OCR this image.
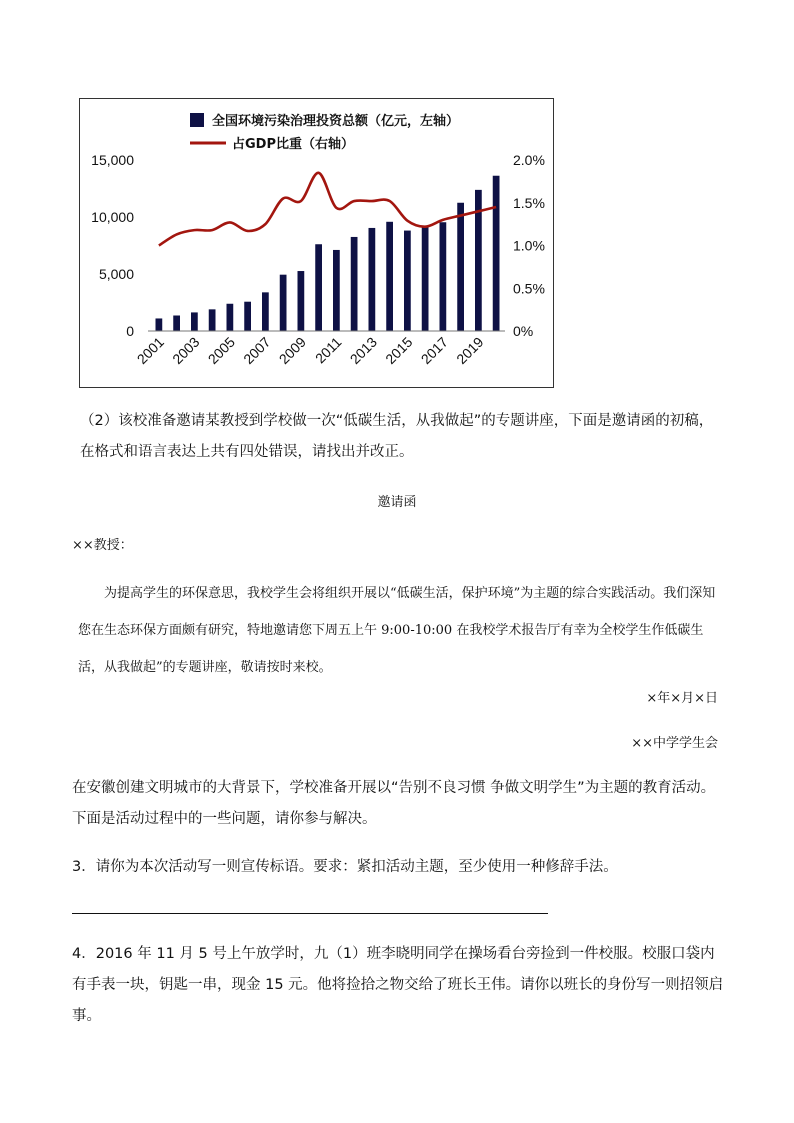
全国环境污染治理投资总额（亿元，左轴）
占GDP比重（右轴）
0
5,000
10,000
15,000
0%
0.5%
1.0%
1.5%
2.0%
2001 2003 2005 2007 2009 2011 2013 2015 2017 2019

（2）该校准备邀请某教授到学校做一次“低碳生活，从我做起”的专题讲座，下面是邀请函的初稿，在格式和语言表达上共有四处错误，请找出并改正。

邀请函
××教授：

为提高学生的环保意思，我校学生会将组织开展以“低碳生活，保护环境”为主题的综合实践活动。我们深知您在生态环保方面颇有研究，特地邀请您下周五上午 9:00-10:00 在我校学术报告厅有幸为全校学生作低碳生活，从我做起”的专题讲座，敬请按时来校。

×年×月×日
××中学学生会

在安徽创建文明城市的大背景下，学校准备开展以“告别不良习惯 争做文明学生”为主题的教育活动。下面是活动过程中的一些问题，请你参与解决。

3．请你为本次活动写一则宣传标语。要求：紧扣活动主题，至少使用一种修辞手法。

4．2016 年 11 月 5 号上午放学时，九（1）班李晓明同学在操场看台旁捡到一件校服。校服口袋内有手表一块，钥匙一串，现金 15 元。他将捡拾之物交给了班长王伟。请你以班长的身份写一则招领启事。
